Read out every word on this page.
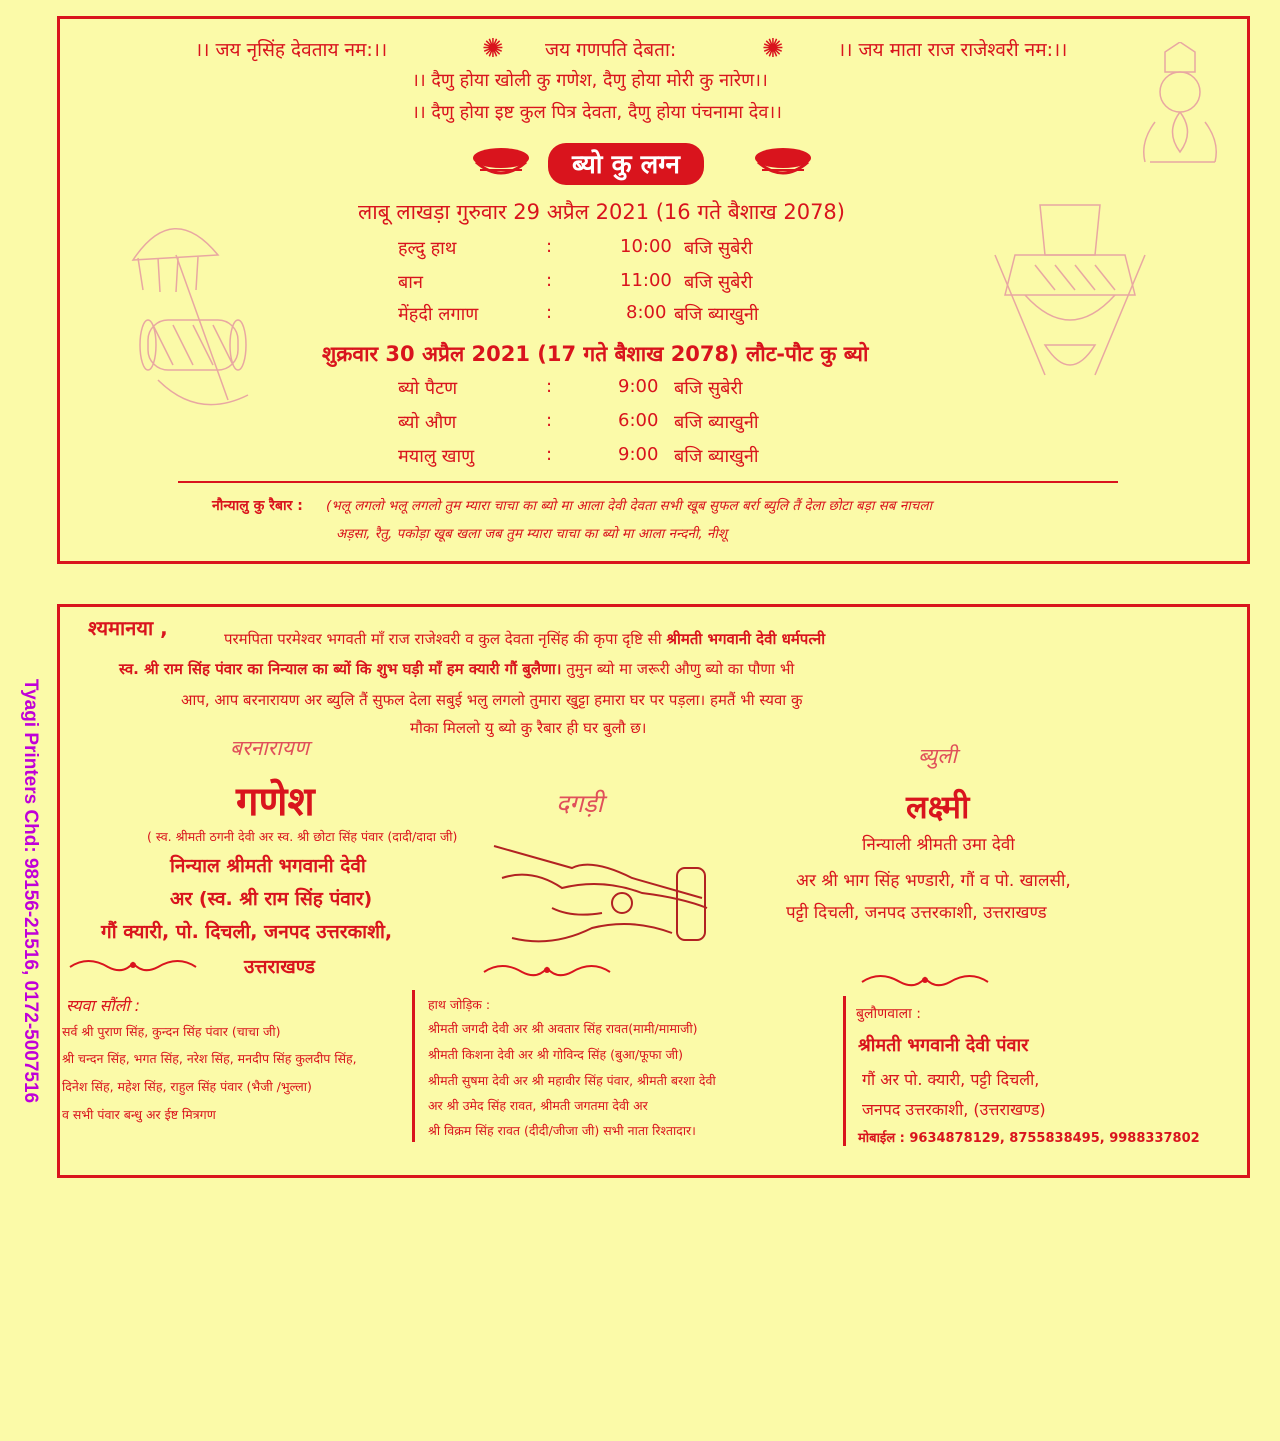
Tyagi Printers Chd: 98156-21516, 0172-5007516
।। जय नृसिंह देवताय नम:।।	✺ जय गणपति देबता:	✺	।। जय माता राज राजेश्वरी नम:।।
।। दैणु होया खोली कु गणेश, दैणु होया मोरी कु नारेण।।
।। दैणु होया इष्ट कुल पित्र देवता, दैणु होया पंचनामा देव।।
ब्यो कु लग्न
लाबू लाखड़ा गुरुवार 29 अप्रैल 2021 (16 गते बैशाख 2078)
हल्दु हाथ	:	10:00 बजि सुबेरी
बान	:	11:00 बजि सुबेरी
मेंहदी लगाण	:	8:00 बजि ब्याखुनी
शुक्रवार 30 अप्रैल 2021 (17 गते बैशाख 2078) लौट-पौट कु ब्यो
ब्यो पैटण	:	9:00 बजि सुबेरी
ब्यो औण	:	6:00 बजि ब्याखुनी
मयालु खाणु	:	9:00 बजि ब्याखुनी
नौन्यालु कु रैबार : (भलू लगलो भलू लगलो तुम म्यारा चाचा का ब्यो मा आला देवी देवता सभी खूब सुफल बर्रा ब्युलि तैं देला छोटा बड़ा सब नाचला
अड़सा, रैतु, पकोड़ा खूब खला जब तुम म्यारा चाचा का ब्यो मा आला नन्दनी, नीशू
श्यमानया ,	परमपिता परमेश्वर भगवती माँ राज राजेश्वरी व कुल देवता नृसिंह की कृपा दृष्टि सी श्रीमती भगवानी देवी धर्मपत्नी
स्व. श्री राम सिंह पंवार का निन्याल का ब्यों कि शुभ घड़ी माँ हम क्यारी गौं बुलैणा। तुमुन ब्यो मा जरूरी औणु ब्यो का पौणा भी
आप, आप बरनारायण अर ब्युलि तैं सुफल देला सबुई भलु लगलो तुमारा खुट्टा हमारा घर पर पड़ला। हमतैं भी स्यवा कु
मौका मिललो यु ब्यो कु रैबार ही घर बुलौ छ।
बरनारायण
गणेश
( स्व. श्रीमती ठगनी देवी अर स्व. श्री छोटा सिंह पंवार (दादी/दादा जी)
निन्याल श्रीमती भगवानी देवी
अर (स्व. श्री राम सिंह पंवार)
गौं क्यारी, पो. दिचली, जनपद उत्तरकाशी,
उत्तराखण्ड
दगड़ी
ब्युली
लक्ष्मी
निन्याली श्रीमती उमा देवी
अर श्री भाग सिंह भण्डारी, गौं व पो. खालसी,
पट्टी दिचली, जनपद उत्तरकाशी, उत्तराखण्ड
स्यवा सौंली :
सर्व श्री पुराण सिंह, कुन्दन सिंह पंवार (चाचा जी)
श्री चन्दन सिंह, भगत सिंह, नरेश सिंह, मनदीप सिंह कुलदीप सिंह,
दिनेश सिंह, महेश सिंह, राहुल सिंह पंवार (भैजी /भुल्ला)
व सभी पंवार बन्धु अर ईष्ट मित्रगण
हाथ जोड़िक :
श्रीमती जगदी देवी अर श्री अवतार सिंह रावत(मामी/मामाजी)
श्रीमती किशना देवी अर श्री गोविन्द सिंह (बुआ/फूफा जी)
श्रीमती सुषमा देवी अर श्री महावीर सिंह पंवार, श्रीमती बरशा देवी
अर श्री उमेद सिंह रावत, श्रीमती जगतमा देवी अर
श्री विक्रम सिंह रावत (दीदी/जीजा जी) सभी नाता रिश्तादार।
बुलौणवाला :
श्रीमती भगवानी देवी पंवार
गौं अर पो. क्यारी, पट्टी दिचली,
जनपद उत्तरकाशी, (उत्तराखण्ड)
मोबाईल : 9634878129, 8755838495, 9988337802
